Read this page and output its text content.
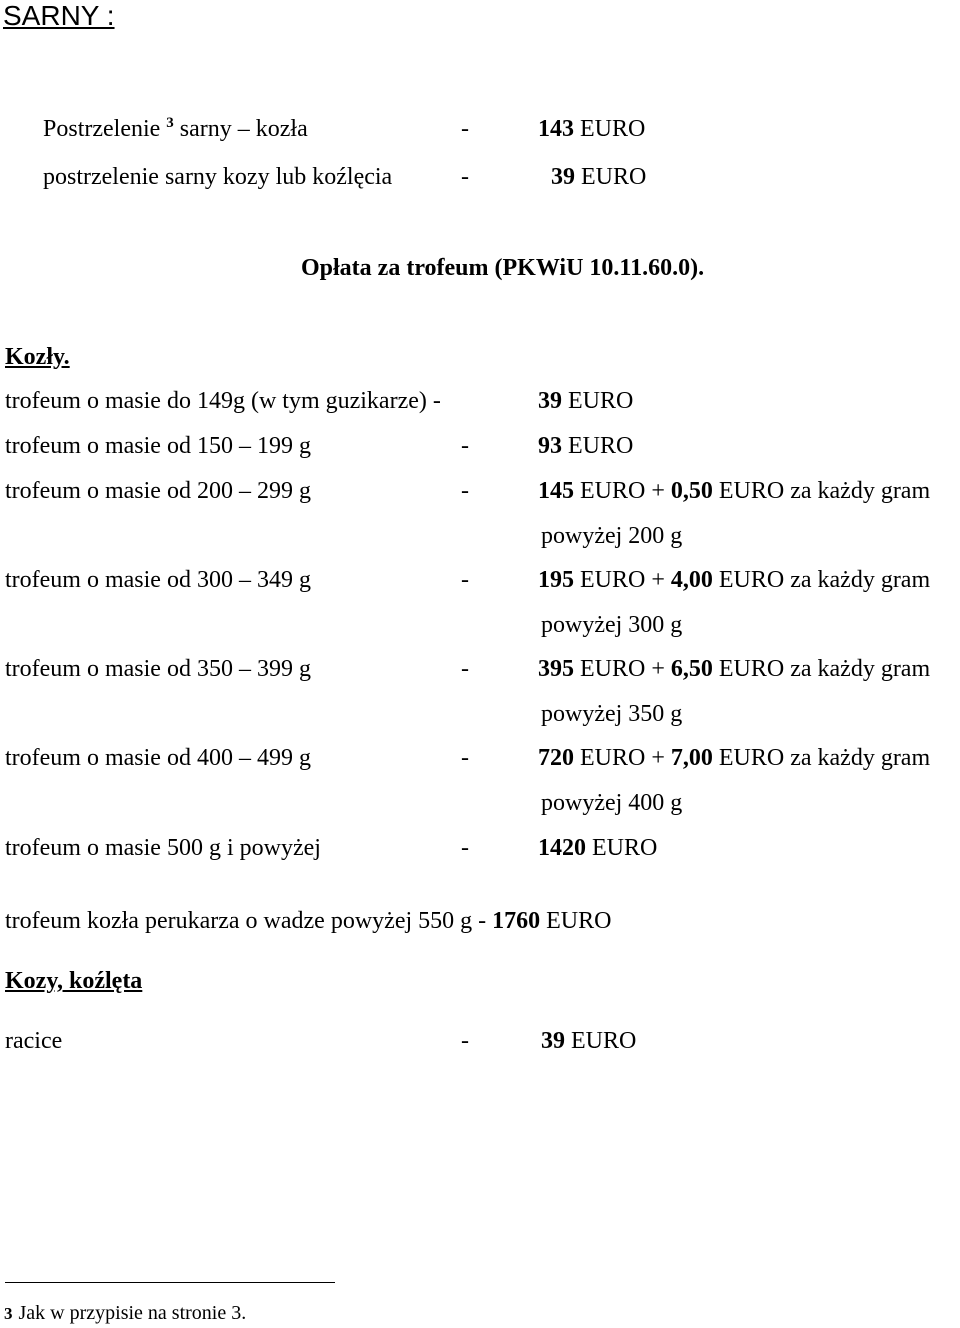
SARNY :
Postrzelenie $^3$ sarny – kozła	-	143 EURO
postrzelenie sarny kozy lub koźlęcia	-	39 EURO
Opłata za trofeum (PKWiU 10.11.60.0).
Kozły.
trofeum o masie do 149g (w tym guzikarze) -	39 EURO
trofeum o masie od 150 – 199 g	-	93 EURO
trofeum o masie od 200 – 299 g	-	145 EURO + 0,50 EURO za każdy gram
powyżej 200 g
trofeum o masie od 300 – 349 g	-	195 EURO + 4,00 EURO za każdy gram
powyżej 300 g
trofeum o masie od 350 – 399 g	-	395 EURO + 6,50 EURO za każdy gram
powyżej 350 g
trofeum o masie od 400 – 499 g	-	720 EURO + 7,00 EURO za każdy gram
powyżej 400 g
trofeum o masie 500 g i powyżej	-	1420 EURO
trofeum kozła perukarza o wadze powyżej 550 g - 1760 EURO
Kozy, koźlęta
racice	-	39 EURO
3 Jak w przypisie na stronie 3.
